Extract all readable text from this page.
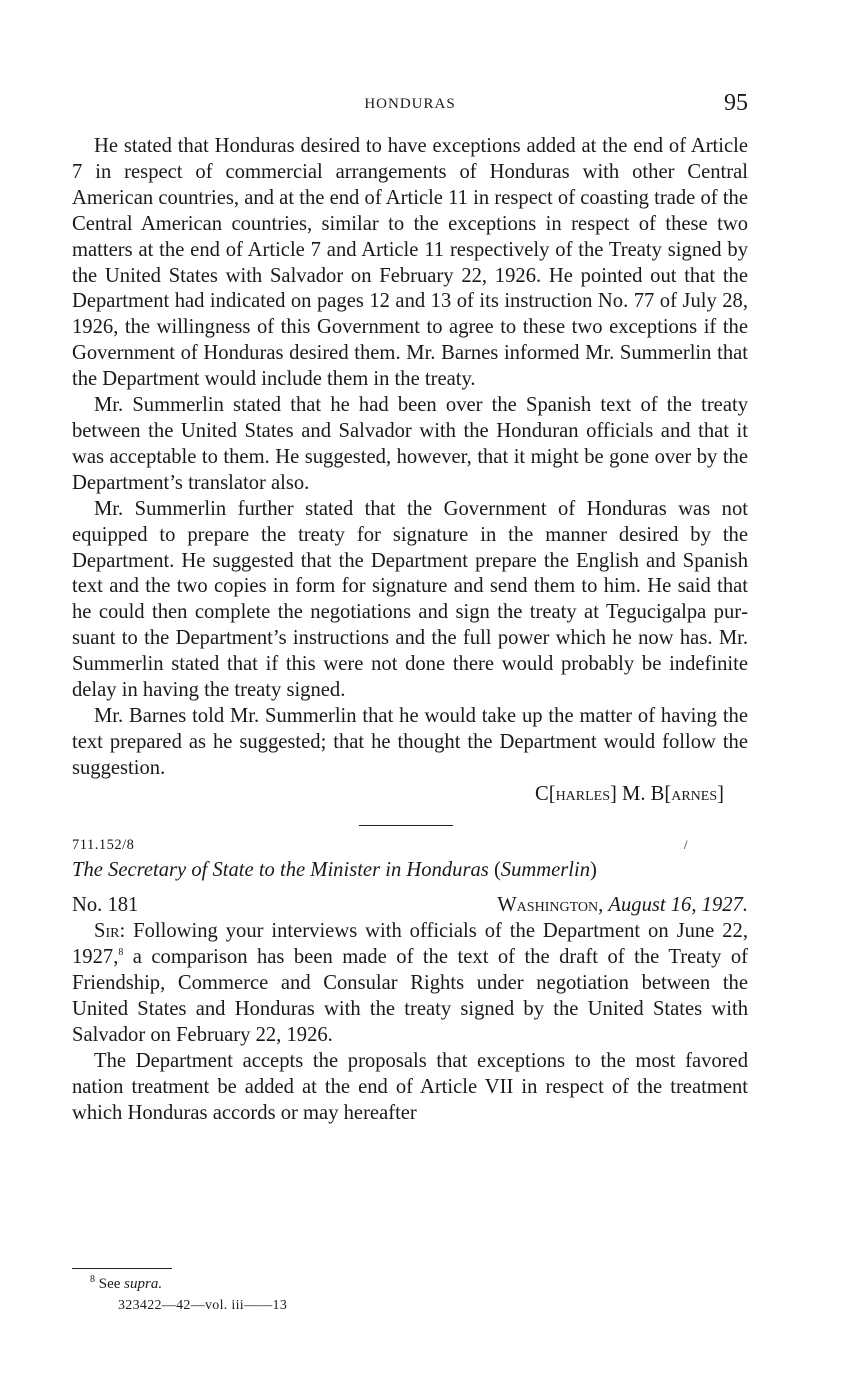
HONDURAS	95

He stated that Honduras desired to have exceptions added at the end of Article 7 in respect of commercial arrangements of Honduras with other Central American countries, and at the end of Article 11 in respect of coasting trade of the Central American countries, similar to the exceptions in respect of these two matters at the end of Article 7 and Article 11 respectively of the Treaty signed by the United States with Salvador on February 22, 1926. He pointed out that the Department had indicated on pages 12 and 13 of its instruction No. 77 of July 28, 1926, the willingness of this Government to agree to these two exceptions if the Government of Honduras desired them. Mr. Barnes informed Mr. Summerlin that the Department would include them in the treaty.

Mr. Summerlin stated that he had been over the Spanish text of the treaty between the United States and Salvador with the Honduran officials and that it was acceptable to them. He suggested, however, that it might be gone over by the Department’s translator also.

Mr. Summerlin further stated that the Government of Honduras was not equipped to prepare the treaty for signature in the manner desired by the Department. He suggested that the Department prepare the English and Spanish text and the two copies in form for signature and send them to him. He said that he could then complete the negotiations and sign the treaty at Tegucigalpa pursuant to the Department’s instructions and the full power which he now has. Mr. Summerlin stated that if this were not done there would probably be indefinite delay in having the treaty signed.

Mr. Barnes told Mr. Summerlin that he would take up the matter of having the text prepared as he suggested; that he thought the Department would follow the suggestion.

C[harles] M. B[arnes]
711.152/8	/
The Secretary of State to the Minister in Honduras (Summerlin)
No. 181	Washington, August 16, 1927.

Sir: Following your interviews with officials of the Department on June 22, 1927,$^8$ a comparison has been made of the text of the draft of the Treaty of Friendship, Commerce and Consular Rights under negotiation between the United States and Honduras with the treaty signed by the United States with Salvador on February 22, 1926.

The Department accepts the proposals that exceptions to the most favored nation treatment be added at the end of Article VII in respect of the treatment which Honduras accords or may hereafter

$^8$ See supra.
323422—42—vol. iii——13
